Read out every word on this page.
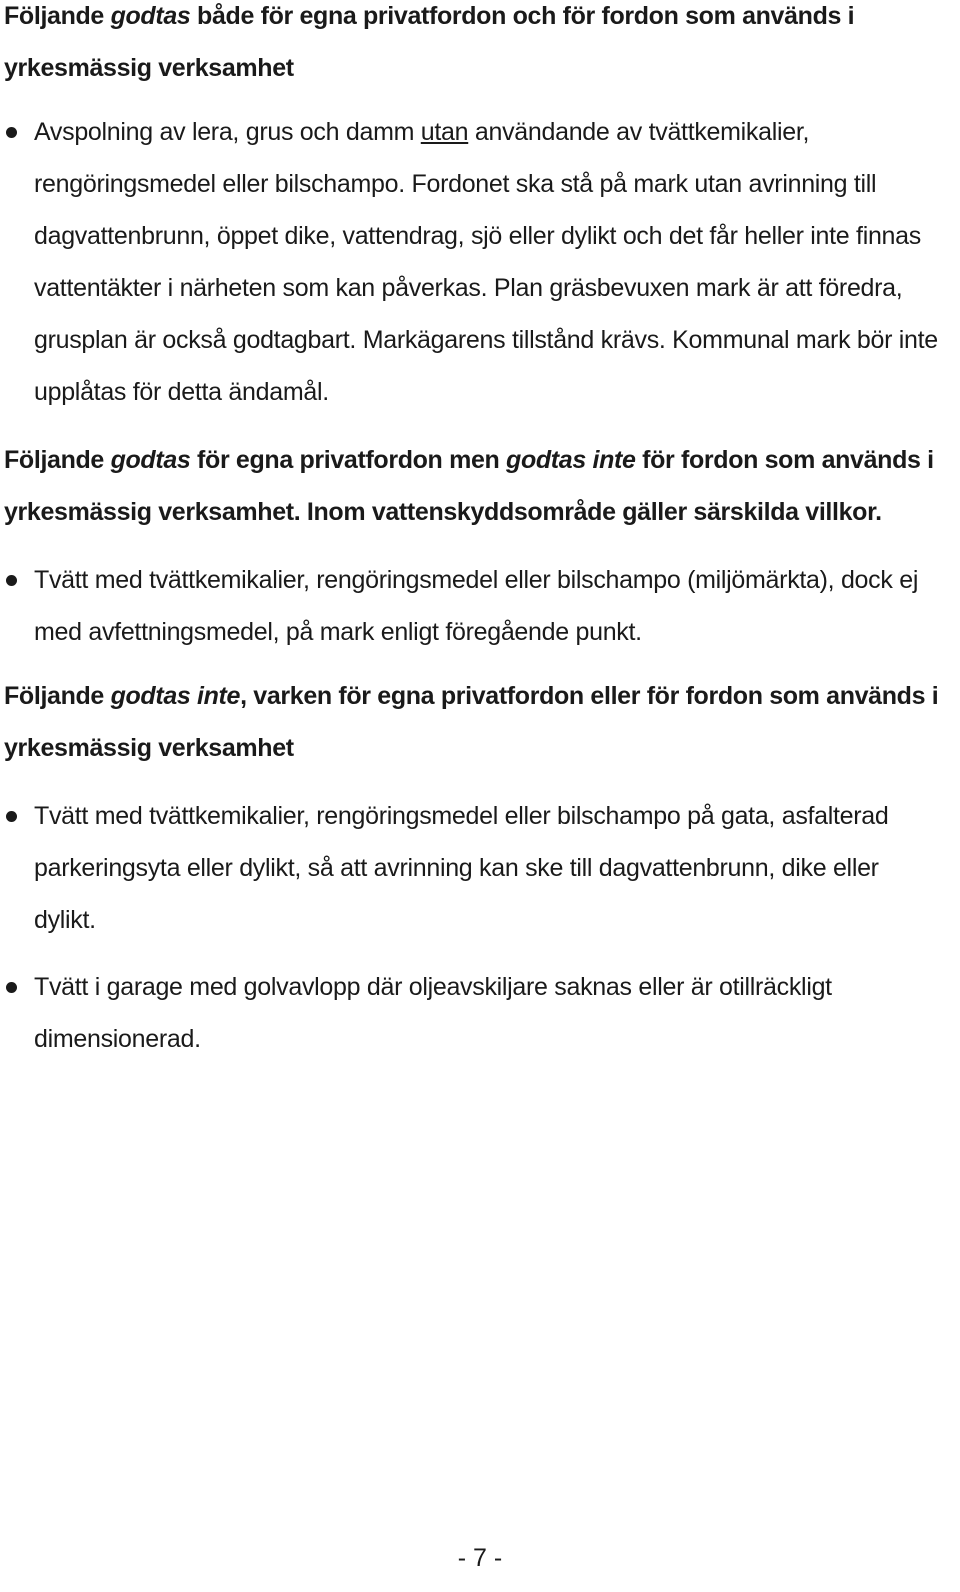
Följande godtas både för egna privatfordon och för fordon som används i yrkesmässig verksamhet

Avspolning av lera, grus och damm utan användande av tvättkemikalier, rengöringsmedel eller bilschampo. Fordonet ska stå på mark utan avrinning till dagvattenbrunn, öppet dike, vattendrag, sjö eller dylikt och det får heller inte finnas vattentäkter i närheten som kan påverkas. Plan gräsbevuxen mark är att föredra, grusplan är också godtagbart. Markägarens tillstånd krävs. Kommunal mark bör inte upplåtas för detta ändamål.

Följande godtas för egna privatfordon men godtas inte för fordon som används i yrkesmässig verksamhet. Inom vattenskyddsområde gäller särskilda villkor.

Tvätt med tvättkemikalier, rengöringsmedel eller bilschampo (miljömärkta), dock ej med avfettningsmedel, på mark enligt föregående punkt.

Följande godtas inte, varken för egna privatfordon eller för fordon som används i yrkesmässig verksamhet

Tvätt med tvättkemikalier, rengöringsmedel eller bilschampo på gata, asfalterad parkeringsyta eller dylikt, så att avrinning kan ske till dagvattenbrunn, dike eller dylikt.

Tvätt i garage med golvavlopp där oljeavskiljare saknas eller är otillräckligt dimensionerad.

- 7 -
